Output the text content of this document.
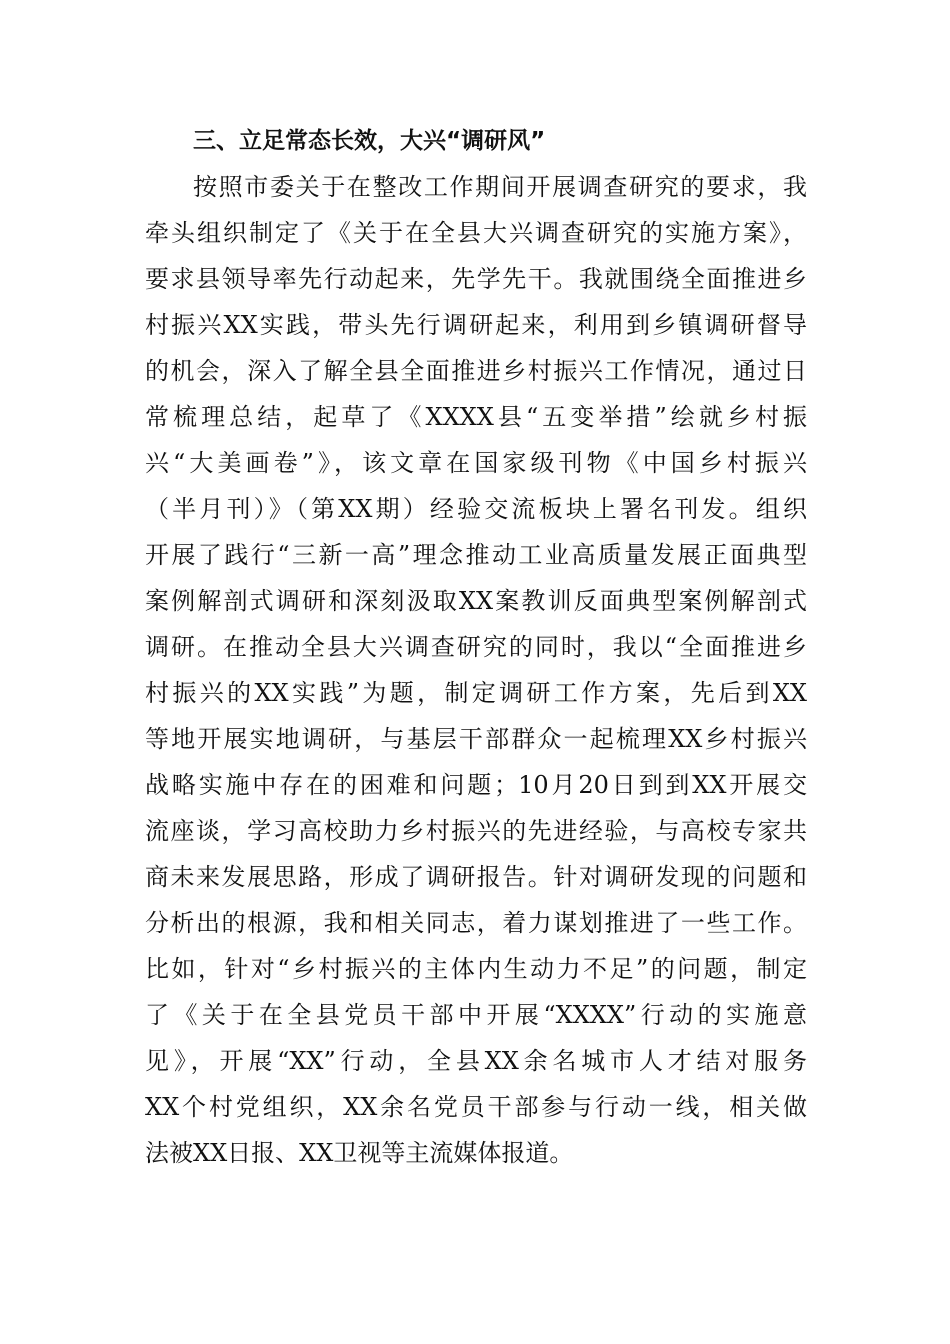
三、立足常态长效，大兴“调研风”
按照市委关于在整改工作期间开展调查研究的要求，我
牵头组织制定了《关于在全县大兴调查研究的实施方案》，
要求县领导率先行动起来，先学先干。我就围绕全面推进乡
村振兴XX实践，带头先行调研起来，利用到乡镇调研督导
的机会，深入了解全县全面推进乡村振兴工作情况，通过日
常梳理总结，起草了《XXXX县“五变举措”绘就乡村振
兴“大美画卷”》，该文章在国家级刊物《中国乡村振兴
（半月刊）》（第XX期）经验交流板块上署名刊发。组织
开展了践行“三新一高”理念推动工业高质量发展正面典型
案例解剖式调研和深刻汲取XX案教训反面典型案例解剖式
调研。在推动全县大兴调查研究的同时，我以“全面推进乡
村振兴的XX实践”为题，制定调研工作方案，先后到XX
等地开展实地调研，与基层干部群众一起梳理XX乡村振兴
战略实施中存在的困难和问题；10月20日到到XX开展交
流座谈，学习高校助力乡村振兴的先进经验，与高校专家共
商未来发展思路，形成了调研报告。针对调研发现的问题和
分析出的根源，我和相关同志，着力谋划推进了一些工作。
比如，针对“乡村振兴的主体内生动力不足”的问题，制定
了《关于在全县党员干部中开展“XXXX”行动的实施意
见》，开展“XX”行动，全县XX余名城市人才结对服务
XX个村党组织，XX余名党员干部参与行动一线，相关做
法被XX日报、XX卫视等主流媒体报道。
